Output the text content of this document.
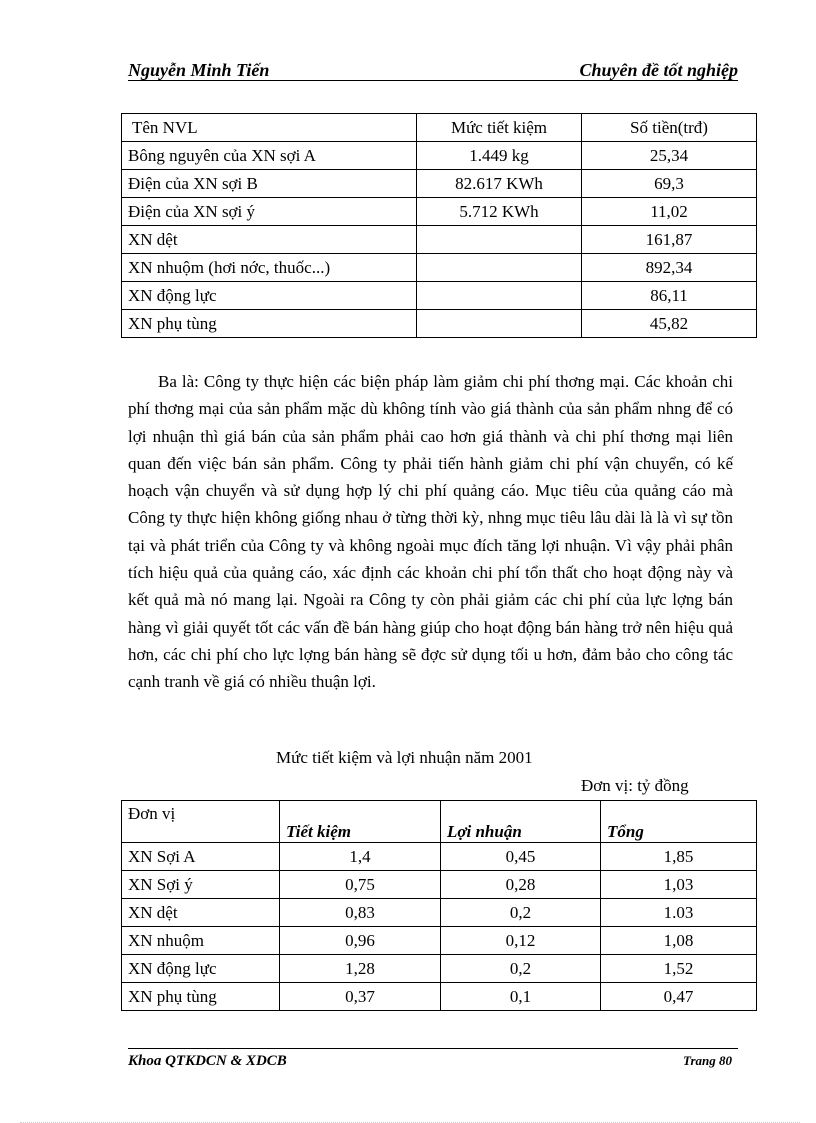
Nguyễn Minh Tiến	Chuyên đề tốt nghiệp
Tên NVL	Mức tiết kiệm	Số tiền(trđ)
Bông nguyên của XN sợi A	1.449 kg	25,34
Điện của XN sợi B	82.617 KWh	69,3
Điện của XN sợi ý	5.712 KWh	11,02
XN dệt		161,87
XN nhuộm (hơi nớc, thuốc...)		892,34
XN động lực		86,11
XN phụ tùng		45,82

Ba là: Công ty thực hiện các biện pháp làm giảm chi phí thơng mại. Các khoản chi phí thơng mại của sản phẩm mặc dù không tính vào giá thành của sản phẩm nhng để có lợi nhuận thì giá bán của sản phẩm phải cao hơn giá thành và chi phí thơng mại liên quan đến việc bán sản phẩm. Công ty phải tiến hành giảm chi phí vận chuyển, có kế hoạch vận chuyển và sử dụng hợp lý chi phí quảng cáo. Mục tiêu của quảng cáo mà Công ty thực hiện không giống nhau ở từng thời kỳ, nhng mục tiêu lâu dài là là vì sự tồn tại và phát triển của Công ty và không ngoài mục đích tăng lợi nhuận. Vì vậy phải phân tích hiệu quả của quảng cáo, xác định các khoản chi phí tổn thất cho hoạt động này và kết quả mà nó mang lại. Ngoài ra Công ty còn phải giảm các chi phí của lực lợng bán hàng vì giải quyết tốt các vấn đề bán hàng giúp cho hoạt động bán hàng trở nên hiệu quả hơn, các chi phí cho lực lợng bán hàng sẽ đợc sử dụng tối u hơn, đảm bảo cho công tác cạnh tranh về giá có nhiều thuận lợi.

Mức tiết kiệm và lợi nhuận năm 2001
Đơn vị: tỷ đồng
Đơn vị	Tiết kiệm	Lợi nhuận	Tổng
XN Sợi A	1,4	0,45	1,85
XN Sợi ý	0,75	0,28	1,03
XN dệt	0,83	0,2	1.03
XN nhuộm	0,96	0,12	1,08
XN động lực	1,28	0,2	1,52
XN phụ tùng	0,37	0,1	0,47
Khoa QTKDCN & XDCB	Trang 80
